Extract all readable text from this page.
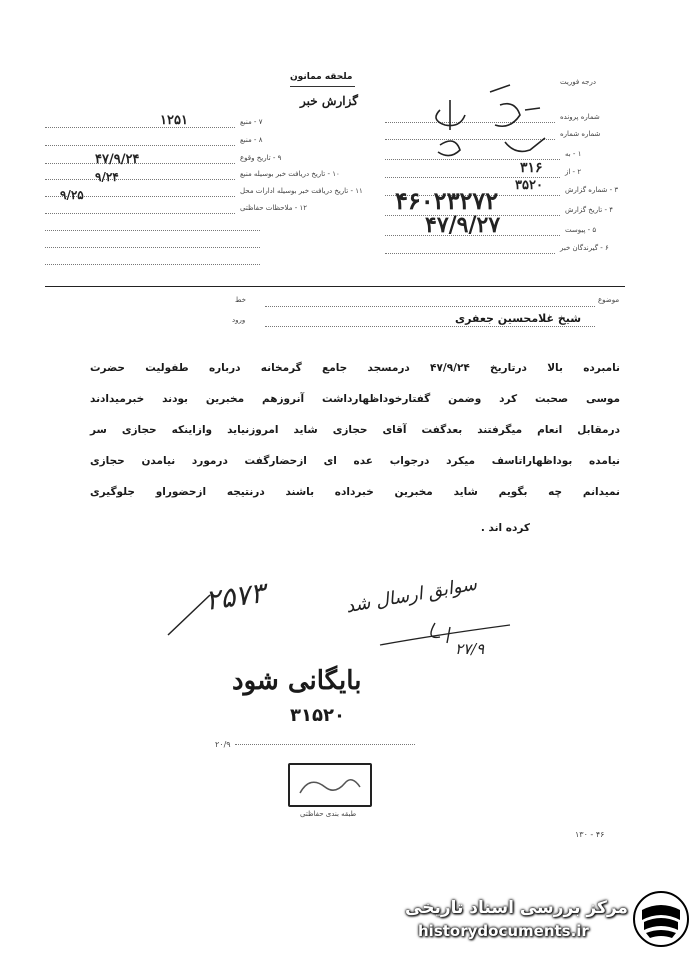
ملحقه ممانون
گزارش خبر
درجه فوریت
۷ - منبع
۱۲۵۱
۸ - منبع
۹ - تاریخ وقوع
۴۷/۹/۲۴
۱۰ - تاریخ دریافت خبر بوسیله منبع
۹/۲۴
۱۱ - تاریخ دریافت خبر بوسیله ادارات محل
۹/۲۵
۱۲ - ملاحظات حفاظتی
شماره پرونده
شماره شماره
۱ - به
۲ - از
۳ - شماره گزارش
۴ - تاریخ گزارش
۵ - پیوست
۶ - گیرندگان خبر
۳۱۶
۳۵۲۰
۴۶۰۲۳۲۷۲
۴۷/۹/۲۷
خط
ورود
موضوع
شیخ غلامحسین جعفری
نامبرده بالا درتاریخ ۴۷/۹/۲۴ درمسجد جامع گرمخانه درباره طفولیت حضرت
موسی صحبت کرد وضمن گفتارخوداظهارداشت آنروزهم مخبرین بودند خبرمیدادند
درمقابل انعام میگرفتند بعدگفت آقای حجازی شاید امروزنیاید وازاینکه حجازی سر
نیامده بوداظهاراتاسف میکرد درجواب عده ای ازحضارگفت درمورد نیامدن حجازی
نمیدانم چه بگویم شاید مخبرین خبرداده باشند درنتیجه ازحضوراو جلوگیری
کرده اند .
۲۵۷۳	سوابق ارسال شد
۲۷/۹
بایگانی شود
۳۱۵۲۰
۲۰/۹
طبقه بندی حفاظتی
۱۳۰ - ۴۶
مرکز بررسی اسناد تاریخی
historydocuments.ir
